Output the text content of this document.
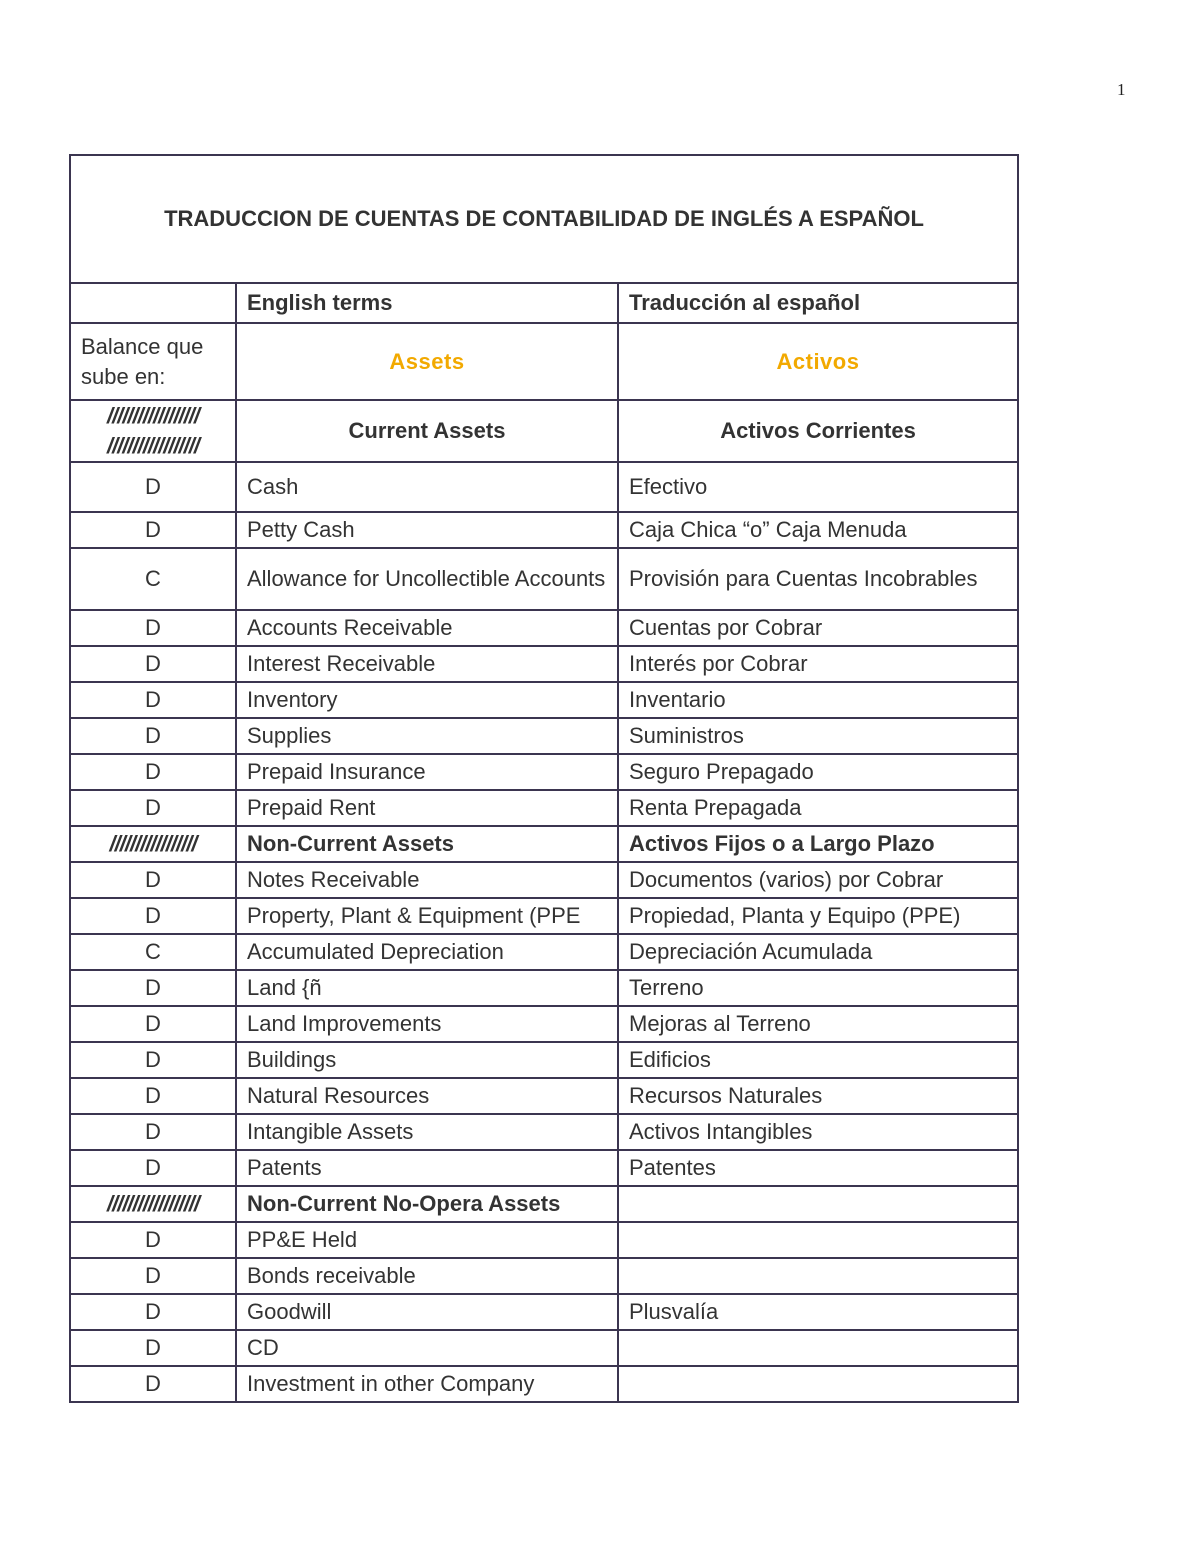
1
TRADUCCION DE CUENTAS DE CONTABILIDAD DE INGLÉS A ESPAÑOL		
	English terms	Traducción al español
Balance que sube en:	Assets	Activos
////////////////// //////////////////	Current Assets	Activos Corrientes
D	Cash	Efectivo
D	Petty Cash	Caja Chica “o” Caja Menuda
C	Allowance for Uncollectible Accounts	Provisión para Cuentas Incobrables
D	Accounts Receivable	Cuentas por Cobrar
D	Interest Receivable	Interés por Cobrar
D	Inventory	Inventario
D	Supplies	Suministros
D	Prepaid Insurance	Seguro Prepagado
D	Prepaid Rent	Renta Prepagada
/////////////////	Non-Current Assets	Activos Fijos o a Largo Plazo
D	Notes Receivable	Documentos (varios) por Cobrar
D	Property, Plant & Equipment (PPE	Propiedad, Planta y Equipo (PPE)
C	Accumulated Depreciation	Depreciación Acumulada
D	Land {ñ	Terreno
D	Land Improvements	Mejoras al Terreno
D	Buildings	Edificios
D	Natural Resources	Recursos Naturales
D	Intangible Assets	Activos Intangibles
D	Patents	Patentes
//////////////////	Non-Current No-Opera Assets	
D	PP&E Held	
D	Bonds receivable	
D	Goodwill	Plusvalía
D	CD	
D	Investment in other Company	
